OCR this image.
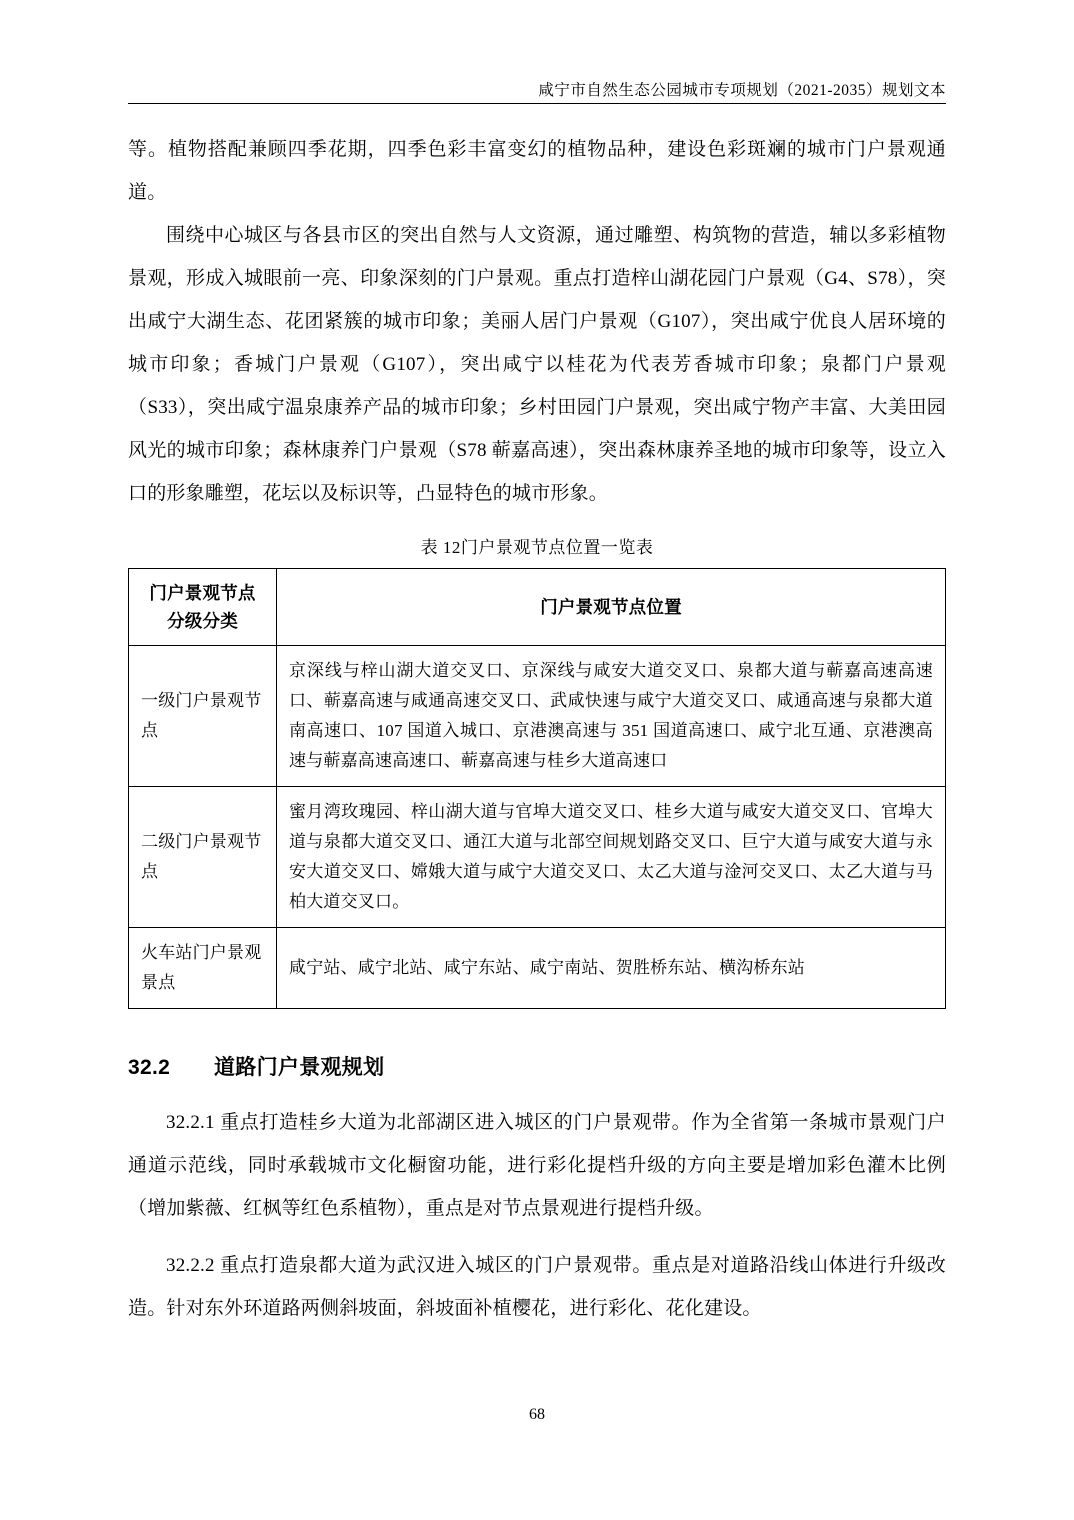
咸宁市自然生态公园城市专项规划（2021-2035）规划文本

等。植物搭配兼顾四季花期，四季色彩丰富变幻的植物品种，建设色彩斑斓的城市门户景观通道。

围绕中心城区与各县市区的突出自然与人文资源，通过雕塑、构筑物的营造，辅以多彩植物景观，形成入城眼前一亮、印象深刻的门户景观。重点打造梓山湖花园门户景观（G4、S78），突出咸宁大湖生态、花团紧簇的城市印象；美丽人居门户景观（G107），突出咸宁优良人居环境的城市印象；香城门户景观（G107），突出咸宁以桂花为代表芳香城市印象；泉都门户景观（S33），突出咸宁温泉康养产品的城市印象；乡村田园门户景观，突出咸宁物产丰富、大美田园风光的城市印象；森林康养门户景观（S78 蕲嘉高速），突出森林康养圣地的城市印象等，设立入口的形象雕塑，花坛以及标识等，凸显特色的城市形象。

表 12门户景观节点位置一览表
门户景观节点分级分类	门户景观节点位置
一级门户景观节点	京深线与梓山湖大道交叉口、京深线与咸安大道交叉口、泉都大道与蕲嘉高速高速口、蕲嘉高速与咸通高速交叉口、武咸快速与咸宁大道交叉口、咸通高速与泉都大道南高速口、107 国道入城口、京港澳高速与 351 国道高速口、咸宁北互通、京港澳高速与蕲嘉高速高速口、蕲嘉高速与桂乡大道高速口
二级门户景观节点	蜜月湾玫瑰园、梓山湖大道与官埠大道交叉口、桂乡大道与咸安大道交叉口、官埠大道与泉都大道交叉口、通江大道与北部空间规划路交叉口、巨宁大道与咸安大道与永安大道交叉口、嫦娥大道与咸宁大道交叉口、太乙大道与淦河交叉口、太乙大道与马柏大道交叉口。
火车站门户景观景点	咸宁站、咸宁北站、咸宁东站、咸宁南站、贺胜桥东站、横沟桥东站
32.2 道路门户景观规划

32.2.1 重点打造桂乡大道为北部湖区进入城区的门户景观带。作为全省第一条城市景观门户通道示范线，同时承载城市文化橱窗功能，进行彩化提档升级的方向主要是增加彩色灌木比例（增加紫薇、红枫等红色系植物），重点是对节点景观进行提档升级。

32.2.2 重点打造泉都大道为武汉进入城区的门户景观带。重点是对道路沿线山体进行升级改造。针对东外环道路两侧斜坡面，斜坡面补植樱花，进行彩化、花化建设。

68
